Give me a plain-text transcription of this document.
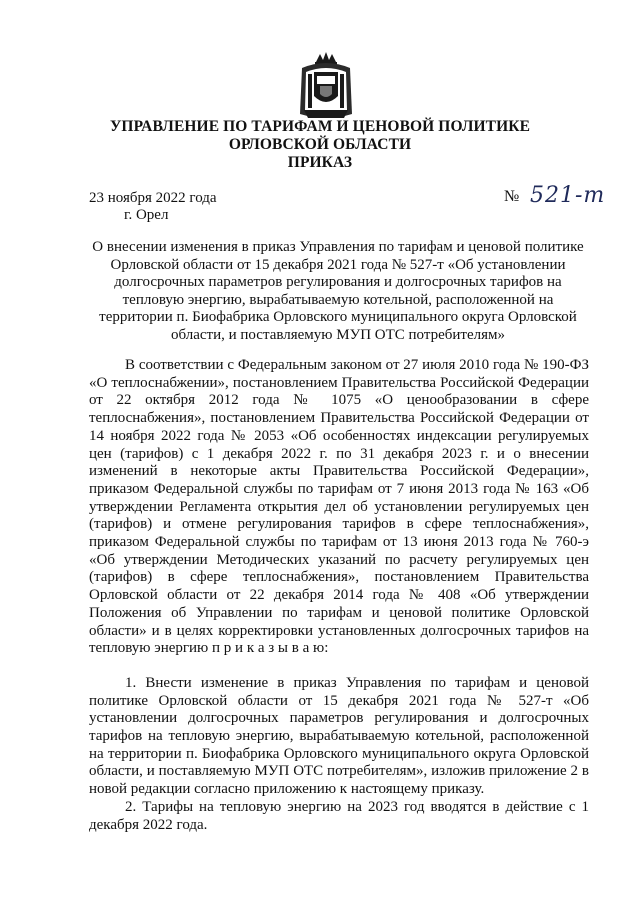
УПРАВЛЕНИЕ ПО ТАРИФАМ И ЦЕНОВОЙ ПОЛИТИКЕ
ОРЛОВСКОЙ ОБЛАСТИ
ПРИКАЗ
23 ноября 2022 года
г. Орел
№ 521-т
О внесении изменения в приказ Управления по тарифам и ценовой политике Орловской области от 15 декабря 2021 года № 527-т «Об установлении долгосрочных параметров регулирования и долгосрочных тарифов на тепловую энергию, вырабатываемую котельной, расположенной на территории п. Биофабрика Орловского муниципального округа Орловской области, и поставляемую МУП ОТС потребителям»

В соответствии с Федеральным законом от 27 июля 2010 года № 190-ФЗ «О теплоснабжении», постановлением Правительства Российской Федерации от 22 октября 2012 года № 1075 «О ценообразовании в сфере теплоснабжения», постановлением Правительства Российской Федерации от 14 ноября 2022 года № 2053 «Об особенностях индексации регулируемых цен (тарифов) с 1 декабря 2022 г. по 31 декабря 2023 г. и о внесении изменений в некоторые акты Правительства Российской Федерации», приказом Федеральной службы по тарифам от 7 июня 2013 года № 163 «Об утверждении Регламента открытия дел об установлении регулируемых цен (тарифов) и отмене регулирования тарифов в сфере теплоснабжения», приказом Федеральной службы по тарифам от 13 июня 2013 года № 760-э «Об утверждении Методических указаний по расчету регулируемых цен (тарифов) в сфере теплоснабжения», постановлением Правительства Орловской области от 22 декабря 2014 года № 408 «Об утверждении Положения об Управлении по тарифам и ценовой политике Орловской области» и в целях корректировки установленных долгосрочных тарифов на тепловую энергию п р и к а з ы в а ю:

1. Внести изменение в приказ Управления по тарифам и ценовой политике Орловской области от 15 декабря 2021 года № 527-т «Об установлении долгосрочных параметров регулирования и долгосрочных тарифов на тепловую энергию, вырабатываемую котельной, расположенной на территории п. Биофабрика Орловского муниципального округа Орловской области, и поставляемую МУП ОТС потребителям», изложив приложение 2 в новой редакции согласно приложению к настоящему приказу.

2. Тарифы на тепловую энергию на 2023 год вводятся в действие с 1 декабря 2022 года.
